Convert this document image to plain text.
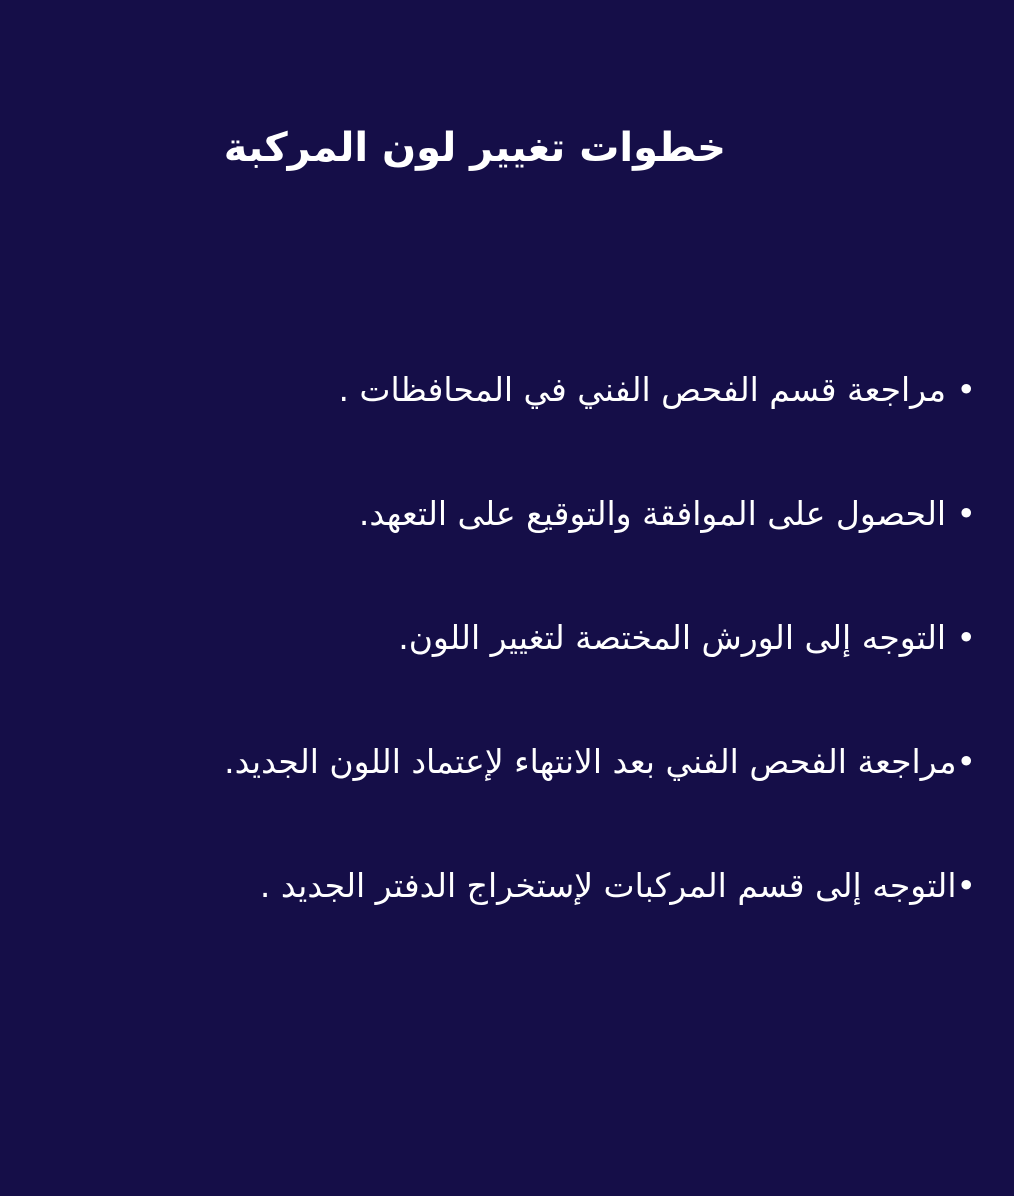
خطوات تغيير لون المركبة
• مراجعة قسم الفحص الفني في المحافظات .
• الحصول على الموافقة والتوقيع على التعهد.
• التوجه إلى الورش المختصة لتغيير اللون.
•مراجعة الفحص الفني بعد الانتهاء لإعتماد اللون الجديد.
•التوجه إلى قسم المركبات لإستخراج الدفتر الجديد .
